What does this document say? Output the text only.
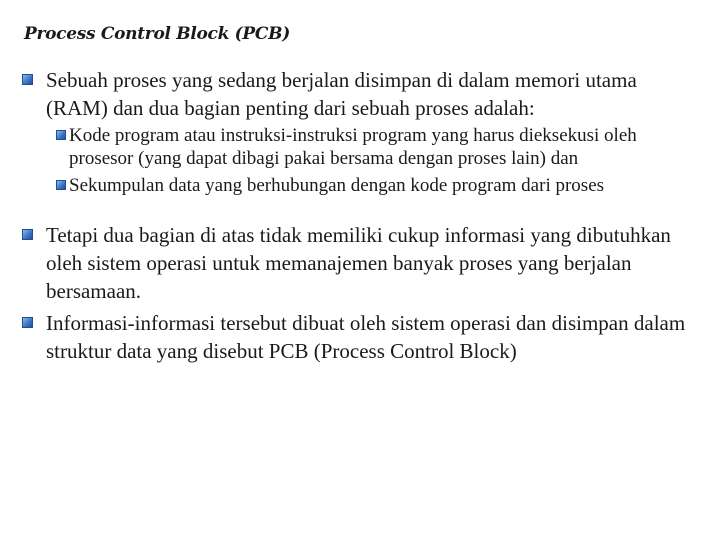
Process Control Block (PCB)
Sebuah proses yang sedang berjalan disimpan di dalam memori utama (RAM) dan dua bagian penting dari sebuah proses adalah:
Kode program atau instruksi-instruksi program yang harus dieksekusi oleh prosesor (yang dapat dibagi pakai bersama dengan proses lain) dan
Sekumpulan data yang berhubungan dengan kode program dari proses
Tetapi dua bagian di atas tidak memiliki cukup informasi yang dibutuhkan oleh sistem operasi untuk memanajemen banyak proses yang berjalan bersamaan.
Informasi-informasi tersebut dibuat oleh sistem operasi dan disimpan dalam struktur data yang disebut PCB (Process Control Block)
